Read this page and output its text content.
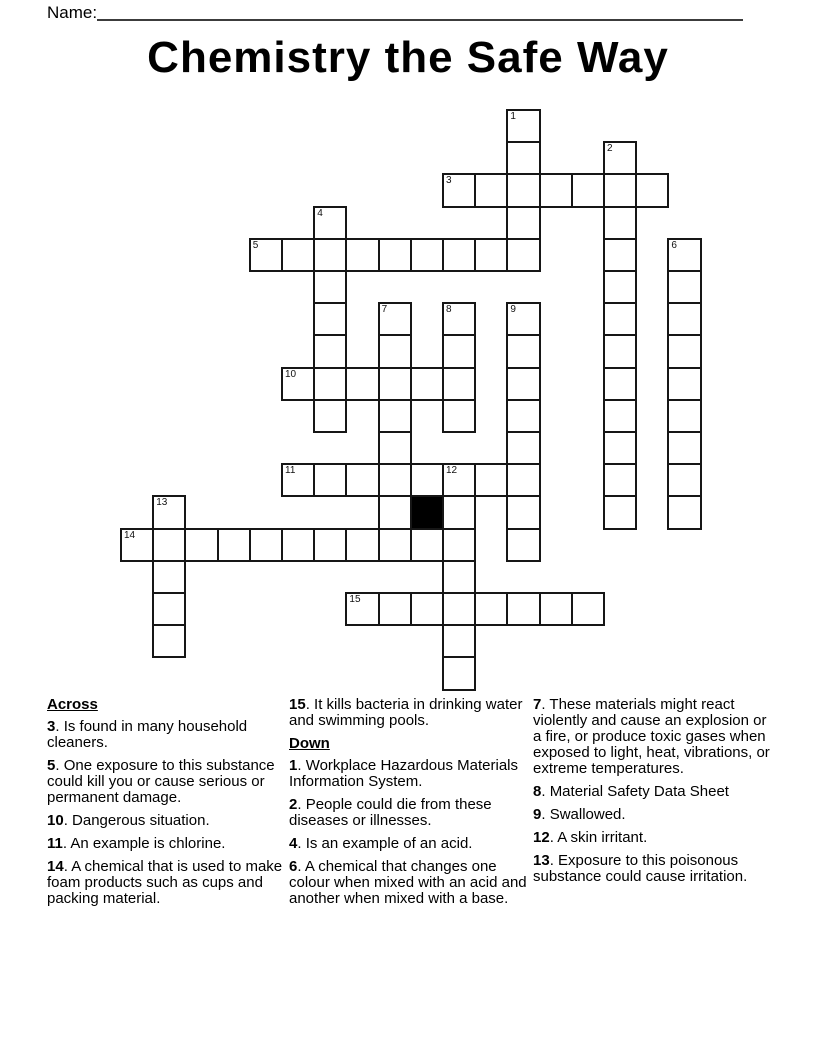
Name:
Chemistry the Safe Way
1
2
3
4
5	6
7	8	9
10
11	12
13
14
15
Across
3. Is found in many household cleaners.
5. One exposure to this substance could kill you or cause serious or permanent damage.
10. Dangerous situation.
11. An example is chlorine.
14. A chemical that is used to make foam products such as cups and packing material.
15. It kills bacteria in drinking water and swimming pools.
Down
1. Workplace Hazardous Materials Information System.
2. People could die from these diseases or illnesses.
4. Is an example of an acid.
6. A chemical that changes one colour when mixed with an acid and another when mixed with a base.
7. These materials might react violently and cause an explosion or a fire, or produce toxic gases when exposed to light, heat, vibrations, or extreme temperatures.
8. Material Safety Data Sheet
9. Swallowed.
12. A skin irritant.
13. Exposure to this poisonous substance could cause irritation.
